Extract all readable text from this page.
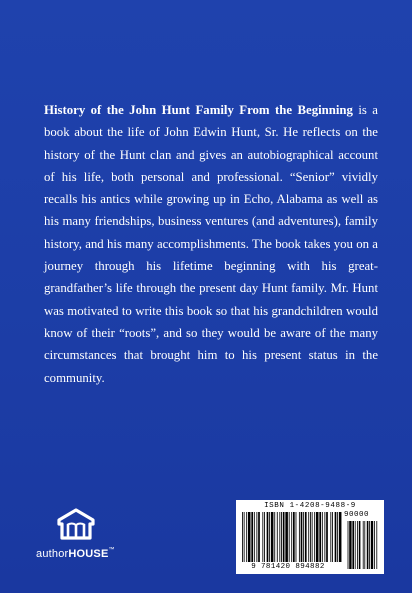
History of the John Hunt Family From the Beginning is a book about the life of John Edwin Hunt, Sr. He reflects on the history of the Hunt clan and gives an autobiographical account of his life, both personal and professional. “Senior” vividly recalls his antics while growing up in Echo, Alabama as well as his many friendships, business ventures (and adventures), family history, and his many accomplishments. The book takes you on a journey through his lifetime beginning with his great-grandfather’s life through the present day Hunt family. Mr. Hunt was motivated to write this book so that his grandchildren would know of their “roots”, and so they would be aware of the many circumstances that brought him to his present status in the community.

authorHOUSE™
ISBN 1-4208-9488-9
90000
9 781420 894882
